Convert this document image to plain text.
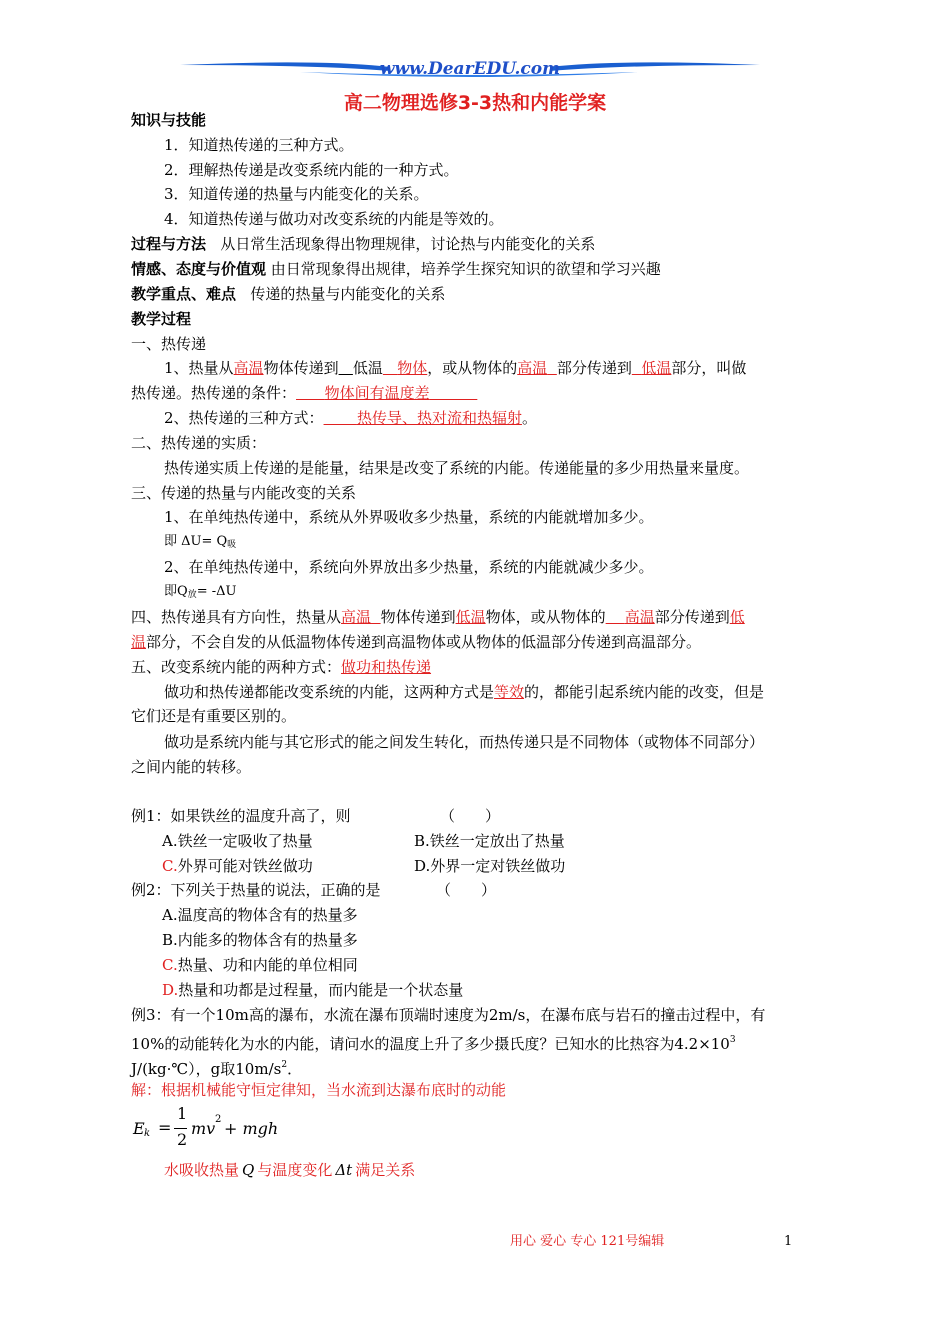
www.DearEDU.com
高二物理选修3-3热和内能学案
知识与技能
1．知道热传递的三种方式。
2．理解热传递是改变系统内能的一种方式。
3．知道传递的热量与内能变化的关系。
4．知道热传递与做功对改变系统的内能是等效的。
过程与方法 从日常生活现象得出物理规律，讨论热与内能变化的关系
情感、态度与价值观 由日常现象得出规律，培养学生探究知识的欲望和学习兴趣
教学重点、难点 传递的热量与内能变化的关系
教学过程
一、热传递
1、热量从高温物体传递到 低温 物体，或从物体的高温 部分传递到 低温部分，叫做
热传递。热传递的条件： 物体间有温度差
2、热传递的三种方式： 热传导、热对流和热辐射。
二、热传递的实质：
热传递实质上传递的是能量，结果是改变了系统的内能。传递能量的多少用热量来量度。
三、传递的热量与内能改变的关系
1、在单纯热传递中，系统从外界吸收多少热量，系统的内能就增加多少。
即 $\Delta U= Q_吸$
2、在单纯热传递中，系统向外界放出多少热量，系统的内能就减少多少。
即$Q_放= -\Delta U$
四、热传递具有方向性，热量从高温 物体传递到低温物体，或从物体的 高温部分传递到低
温部分，不会自发的从低温物体传递到高温物体或从物体的低温部分传递到高温部分。
五、改变系统内能的两种方式：做功和热传递
做功和热传递都能改变系统的内能，这两种方式是等效的，都能引起系统内能的改变，但是
它们还是有重要区别的。
做功是系统内能与其它形式的能之间发生转化，而热传递只是不同物体（或物体不同部分）
之间内能的转移。
例1：如果铁丝的温度升高了，则	（　　）
A.铁丝一定吸收了热量	B.铁丝一定放出了热量
C.外界可能对铁丝做功	D.外界一定对铁丝做功
例2：下列关于热量的说法，正确的是	（　　）
A.温度高的物体含有的热量多
B.内能多的物体含有的热量多
C.热量、功和内能的单位相同
D.热量和功都是过程量，而内能是一个状态量
例3：有一个10m高的瀑布，水流在瀑布顶端时速度为2m/s，在瀑布底与岩石的撞击过程中，有
10%的动能转化为水的内能，请问水的温度上升了多少摄氏度？已知水的比热容为$4.2\times 10^3$
J/(kg·℃），g取$10m/s^2$．
解：根据机械能守恒定律知，当水流到达瀑布底时的动能
E k =
1
2
mv 2 + mgh
水吸收热量 Q 与温度变化 Δt 满足关系
用心 爱心 专心 121号编辑	1
